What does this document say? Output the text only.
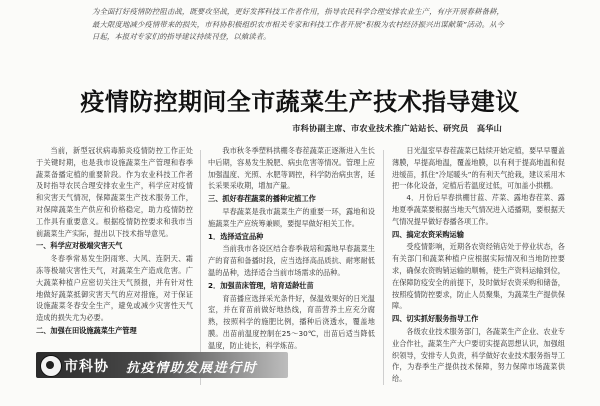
为全面打好疫情防控阻击战，既要攻坚战，更好发挥科技工作者作用，指导农民科学合理安排农业生产，有序开展春耕备耕，最大限度地减少疫情带来的损失，市科协积极组织农市相关专家和科技工作者开展“积极为农村经济振兴出谋献策”活动。从今日起，本报对专家们的指导建议持续刊登，以飨读者。
疫情防控期间全市蔬菜生产技术指导建议
市科协副主席、市农业技术推广站站长、研究员　高华山

当前，新型冠状病毒肺炎疫情防控工作正处于关键时期，也是我市设施蔬菜生产管理和春季蔬菜备播定植的重要阶段。作为农业科技工作者及时指导农民合理安排农业生产，科学应对疫情和灾害天气情况，保障蔬菜生产技术服务工作，对保障蔬菜生产供应和价格稳定，助力疫情防控工作具有重要意义。根据疫情防控要求和我市当前蔬菜生产实际，提出以下技术指导意见。

一、科学应对极端灾害天气

冬春季常易发生阴雨寒、大风、连阴天、霜冻等极端灾害性天气，对蔬菜生产造成危害。广大蔬菜种植户应密切关注天气预报，并有针对性地做好蔬菜抵御灾害天气的应对措施，对于保证设施蔬菜冬春安全生产，避免或减少灾害性天气造成的损失尤为必要。

二、加强在田设施蔬菜生产管理

我市秋冬季塑料拱棚冬春茬蔬菜正逐渐进入生长中后期，容易发生脱肥、病虫危害等情况。管理上应加强温度、光照、水肥等调控，科学防治病虫害，延长采果采收期，增加产量。

三、抓好春茬蔬菜的播种定植工作

早春蔬菜是我市蔬菜生产的重要一环，露地和设施蔬菜生产应统筹兼顾，要提早做好相关工作。

1．选择适宜品种

当前我市各设区结合春季栽培和露地早春蔬菜生产的育苗和备播时段，应当选择高品质抗、耐寒耐低温的品种，选择适合当前市场需求的品种。

2．加强苗床管理，培育适龄壮苗

育苗播应选择采光条件好，保温效果好的日光温室，并在育苗前做好地热线，育苗营养土应充分腐熟，按照科学的施肥比例，播种后浇透水，覆盖地膜。出苗前温度控制在25～30℃，出苗后适当降低温度，防止徒长，科学炼苗。

日光温室早春茬蔬菜已陆续开始定植，要早早覆盖薄膜，早提高地温，覆盖地膜，以有利于提高地温和促进缓苗，抓住“冷尾暖头”的有利天气抢栽，建议采用木把一体化设备，定植后若温度过低，可加盖小拱棚。

4．月份后早春拱棚甘蓝、芹菜、露地春茬菜、露地夏季蔬菜要根据当地天气情况进入适播期，要根据天气情况提早做好春播各项工作。

四、搞定农资采购运输

受疫情影响，近期各农资经销店处于停业状态，各有关部门和蔬菜种植户应根据实际情况和当地防控要求，确保农资购销运输的顺畅，使生产资料运输到位，在保障防疫安全的前提下，及时做好农资采购和储备，按照疫情防控要求，防止人员聚集，为蔬菜生产提供保障。

四、切实抓好服务指导工作

各级农业技术服务部门，各蔬菜生产企业、农业专业合作社，蔬菜生产大户要切实提高思想认识，加强组织领导，安排专人负责，科学做好农业技术服务指导工作，为春季生产提供技术保障，努力保障市场蔬菜供给。

市科协 抗疫情助发展进行时
